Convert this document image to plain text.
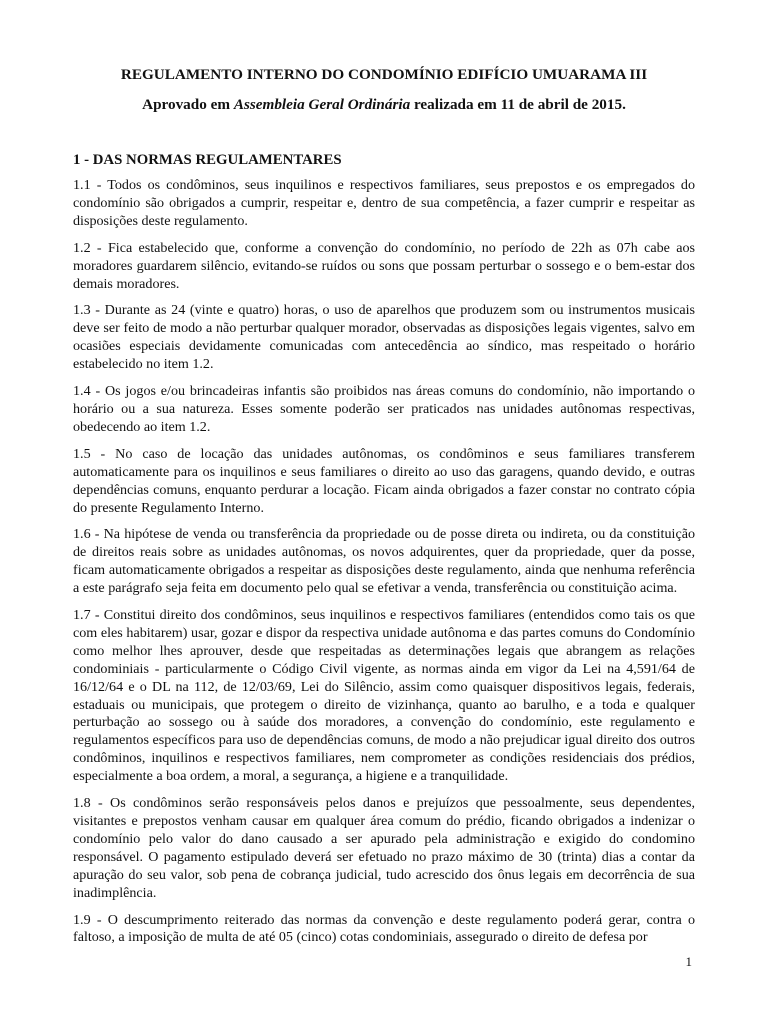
REGULAMENTO INTERNO DO CONDOMÍNIO EDIFÍCIO UMUARAMA III

Aprovado em Assembleia Geral Ordinária realizada em 11 de abril de 2015.

1 - DAS NORMAS REGULAMENTARES

1.1 - Todos os condôminos, seus inquilinos e respectivos familiares, seus prepostos e os empregados do condomínio são obrigados a cumprir, respeitar e, dentro de sua competência, a fazer cumprir e respeitar as disposições deste regulamento.

1.2 - Fica estabelecido que, conforme a convenção do condomínio, no período de 22h as 07h cabe aos moradores guardarem silêncio, evitando-se ruídos ou sons que possam perturbar o sossego e o bem-estar dos demais moradores.

1.3 - Durante as 24 (vinte e quatro) horas, o uso de aparelhos que produzem som ou instrumentos musicais deve ser feito de modo a não perturbar qualquer morador, observadas as disposições legais vigentes, salvo em ocasiões especiais devidamente comunicadas com antecedência ao síndico, mas respeitado o horário estabelecido no item 1.2.

1.4 - Os jogos e/ou brincadeiras infantis são proibidos nas áreas comuns do condomínio, não importando o horário ou a sua natureza. Esses somente poderão ser praticados nas unidades autônomas respectivas, obedecendo ao item 1.2.

1.5 - No caso de locação das unidades autônomas, os condôminos e seus familiares transferem automaticamente para os inquilinos e seus familiares o direito ao uso das garagens, quando devido, e outras dependências comuns, enquanto perdurar a locação. Ficam ainda obrigados a fazer constar no contrato cópia do presente Regulamento Interno.

1.6 - Na hipótese de venda ou transferência da propriedade ou de posse direta ou indireta, ou da constituição de direitos reais sobre as unidades autônomas, os novos adquirentes, quer da propriedade, quer da posse, ficam automaticamente obrigados a respeitar as disposições deste regulamento, ainda que nenhuma referência a este parágrafo seja feita em documento pelo qual se efetivar a venda, transferência ou constituição acima.

1.7 - Constitui direito dos condôminos, seus inquilinos e respectivos familiares (entendidos como tais os que com eles habitarem) usar, gozar e dispor da respectiva unidade autônoma e das partes comuns do Condomínio como melhor lhes aprouver, desde que respeitadas as determinações legais que abrangem as relações condominiais - particularmente o Código Civil vigente, as normas ainda em vigor da Lei na 4,591/64 de 16/12/64 e o DL na 112, de 12/03/69, Lei do Silêncio, assim como quaisquer dispositivos legais, federais, estaduais ou municipais, que protegem o direito de vizinhança, quanto ao barulho, e a toda e qualquer perturbação ao sossego ou à saúde dos moradores, a convenção do condomínio, este regulamento e regulamentos específicos para uso de dependências comuns, de modo a não prejudicar igual direito dos outros condôminos, inquilinos e respectivos familiares, nem comprometer as condições residenciais dos prédios, especialmente a boa ordem, a moral, a segurança, a higiene e a tranquilidade.

1.8 - Os condôminos serão responsáveis pelos danos e prejuízos que pessoalmente, seus dependentes, visitantes e prepostos venham causar em qualquer área comum do prédio, ficando obrigados a indenizar o condomínio pelo valor do dano causado a ser apurado pela administração e exigido do condomino responsável. O pagamento estipulado deverá ser efetuado no prazo máximo de 30 (trinta) dias a contar da apuração do seu valor, sob pena de cobrança judicial, tudo acrescido dos ônus legais em decorrência de sua inadimplência.

1.9 - O descumprimento reiterado das normas da convenção e deste regulamento poderá gerar, contra o faltoso, a imposição de multa de até 05 (cinco) cotas condominiais, assegurado o direito de defesa por

1
